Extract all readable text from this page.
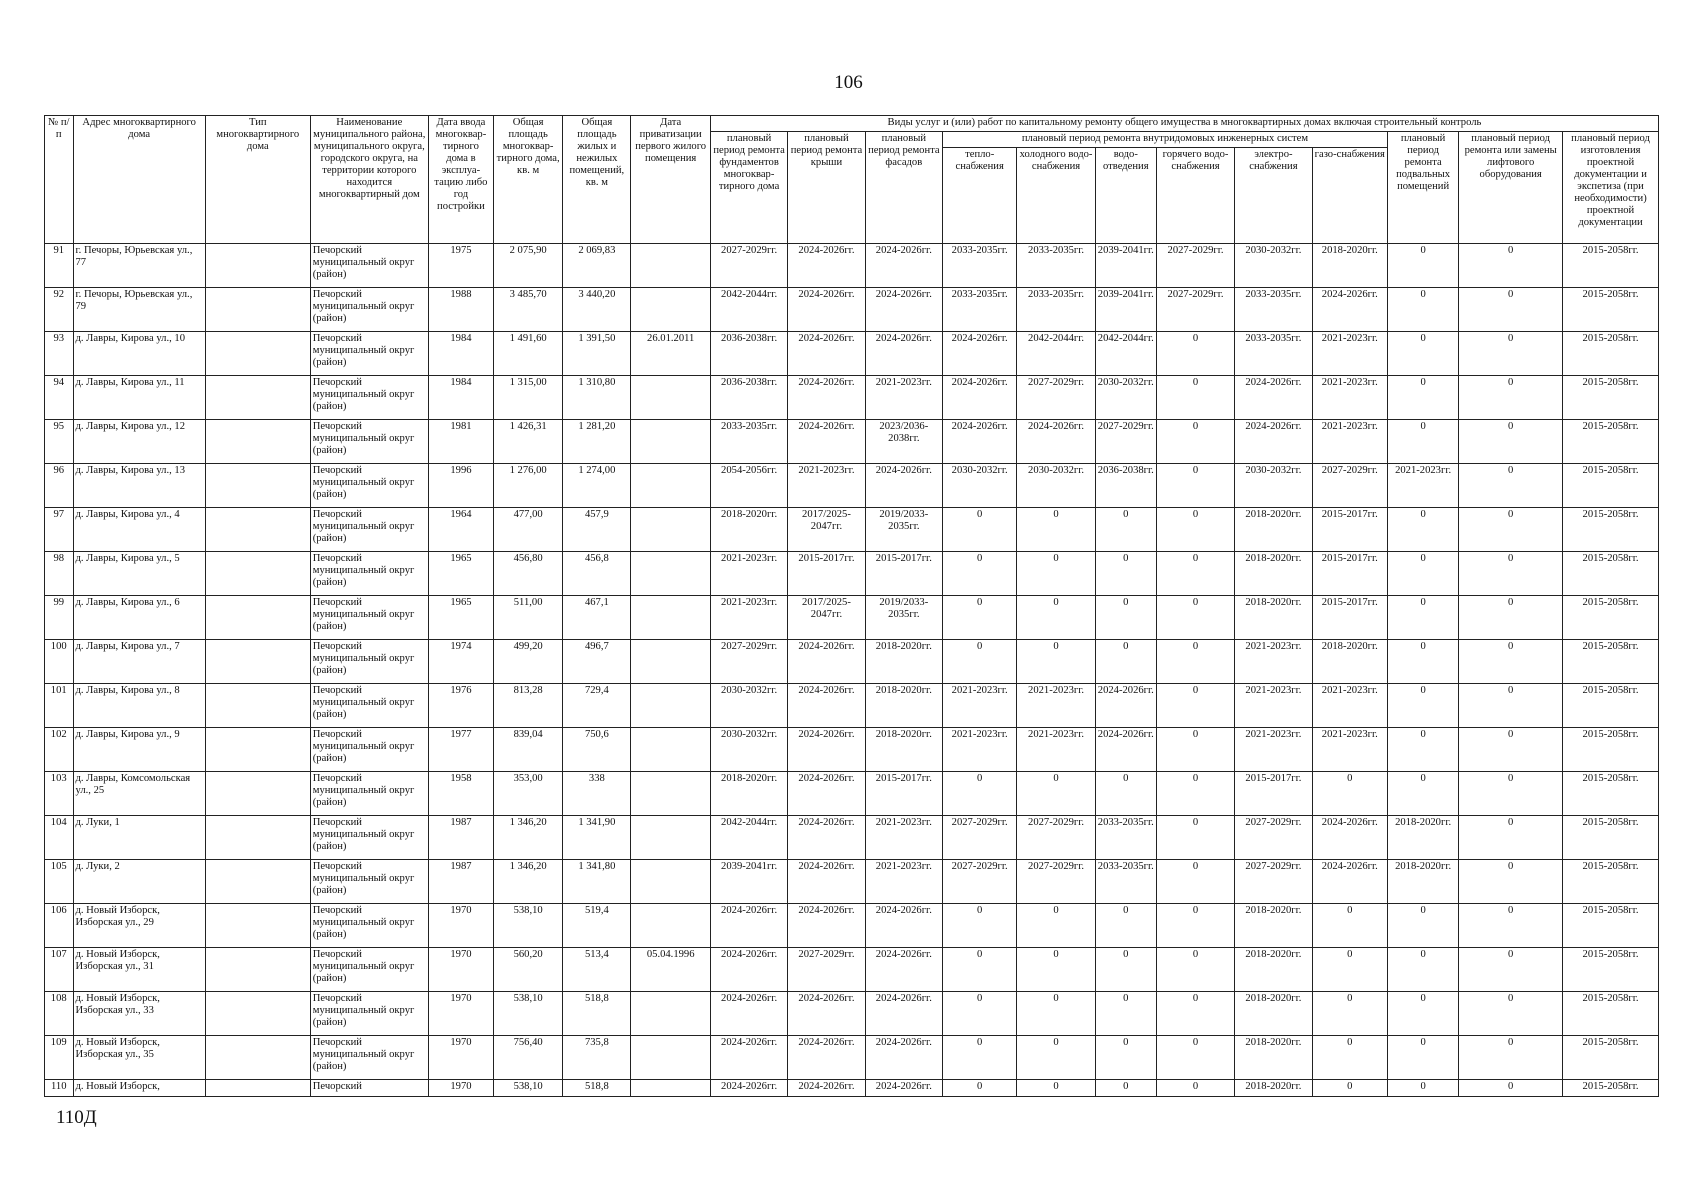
106
№ п/п	Адрес многоквартирного дома	Тип многоквартирного дома	Наименование муниципального района, муниципального округа, городского округа, на территории которого находится многоквартирный дом	Дата ввода многоквар-тирного дома в эксплуа-тацию либо год постройки	Общая площадь многоквар-тирного дома, кв. м	Общая площадь жилых и нежилых помещений, кв. м	Дата приватизации первого жилого помещения	Виды услуг и (или) работ по капитальному ремонту общего имущества в многоквартирных домах включая строительный контроль											
								плановый период ремонта фундаментов многоквар-тирного дома	плановый период ремонта крыши	плановый период ремонта фасадов	плановый период ремонта внутридомовых инженерных систем						плановый период ремонта подвальных помещений	плановый период ремонта или замены лифтового оборудования	плановый период изготовления проектной документации и экспетиза (при необходимости) проектной документации
											тепло-снабжения	холодного водо-снабжения	водо-отведения	горячего водо-снабжения	электро-снабжения	газо-снабжения			
91	г. Печоры, Юрьевская ул., 77		Печорский муниципальный округ (район)	1975	2 075,90	2 069,83		2027-2029гг.	2024-2026гг.	2024-2026гг.	2033-2035гг.	2033-2035гг.	2039-2041гг.	2027-2029гг.	2030-2032гг.	2018-2020гг.	0	0	2015-2058гг.
92	г. Печоры, Юрьевская ул., 79		Печорский муниципальный округ (район)	1988	3 485,70	3 440,20		2042-2044гг.	2024-2026гг.	2024-2026гг.	2033-2035гг.	2033-2035гг.	2039-2041гг.	2027-2029гг.	2033-2035гг.	2024-2026гг.	0	0	2015-2058гг.
93	д. Лавры, Кирова ул., 10		Печорский муниципальный округ (район)	1984	1 491,60	1 391,50	26.01.2011	2036-2038гг.	2024-2026гг.	2024-2026гг.	2024-2026гг.	2042-2044гг.	2042-2044гг.	0	2033-2035гг.	2021-2023гг.	0	0	2015-2058гг.
94	д. Лавры, Кирова ул., 11		Печорский муниципальный округ (район)	1984	1 315,00	1 310,80		2036-2038гг.	2024-2026гг.	2021-2023гг.	2024-2026гг.	2027-2029гг.	2030-2032гг.	0	2024-2026гг.	2021-2023гг.	0	0	2015-2058гг.
95	д. Лавры, Кирова ул., 12		Печорский муниципальный округ (район)	1981	1 426,31	1 281,20		2033-2035гг.	2024-2026гг.	2023/2036-2038гг.	2024-2026гг.	2024-2026гг.	2027-2029гг.	0	2024-2026гг.	2021-2023гг.	0	0	2015-2058гг.
96	д. Лавры, Кирова ул., 13		Печорский муниципальный округ (район)	1996	1 276,00	1 274,00		2054-2056гг.	2021-2023гг.	2024-2026гг.	2030-2032гг.	2030-2032гг.	2036-2038гг.	0	2030-2032гг.	2027-2029гг.	2021-2023гг.	0	2015-2058гг.
97	д. Лавры, Кирова ул., 4		Печорский муниципальный округ (район)	1964	477,00	457,9		2018-2020гг.	2017/2025-2047гг.	2019/2033-2035гг.	0	0	0	0	2018-2020гг.	2015-2017гг.	0	0	2015-2058гг.
98	д. Лавры, Кирова ул., 5		Печорский муниципальный округ (район)	1965	456,80	456,8		2021-2023гг.	2015-2017гг.	2015-2017гг.	0	0	0	0	2018-2020гг.	2015-2017гг.	0	0	2015-2058гг.
99	д. Лавры, Кирова ул., 6		Печорский муниципальный округ (район)	1965	511,00	467,1		2021-2023гг.	2017/2025-2047гг.	2019/2033-2035гг.	0	0	0	0	2018-2020гг.	2015-2017гг.	0	0	2015-2058гг.
100	д. Лавры, Кирова ул., 7		Печорский муниципальный округ (район)	1974	499,20	496,7		2027-2029гг.	2024-2026гг.	2018-2020гг.	0	0	0	0	2021-2023гг.	2018-2020гг.	0	0	2015-2058гг.
101	д. Лавры, Кирова ул., 8		Печорский муниципальный округ (район)	1976	813,28	729,4		2030-2032гг.	2024-2026гг.	2018-2020гг.	2021-2023гг.	2021-2023гг.	2024-2026гг.	0	2021-2023гг.	2021-2023гг.	0	0	2015-2058гг.
102	д. Лавры, Кирова ул., 9		Печорский муниципальный округ (район)	1977	839,04	750,6		2030-2032гг.	2024-2026гг.	2018-2020гг.	2021-2023гг.	2021-2023гг.	2024-2026гг.	0	2021-2023гг.	2021-2023гг.	0	0	2015-2058гг.
103	д. Лавры, Комсомольская ул., 25		Печорский муниципальный округ (район)	1958	353,00	338		2018-2020гг.	2024-2026гг.	2015-2017гг.	0	0	0	0	2015-2017гг.	0	0	0	2015-2058гг.
104	д. Луки, 1		Печорский муниципальный округ (район)	1987	1 346,20	1 341,90		2042-2044гг.	2024-2026гг.	2021-2023гг.	2027-2029гг.	2027-2029гг.	2033-2035гг.	0	2027-2029гг.	2024-2026гг.	2018-2020гг.	0	2015-2058гг.
105	д. Луки, 2		Печорский муниципальный округ (район)	1987	1 346,20	1 341,80		2039-2041гг.	2024-2026гг.	2021-2023гг.	2027-2029гг.	2027-2029гг.	2033-2035гг.	0	2027-2029гг.	2024-2026гг.	2018-2020гг.	0	2015-2058гг.
106	д. Новый Изборск, Изборская ул., 29		Печорский муниципальный округ (район)	1970	538,10	519,4		2024-2026гг.	2024-2026гг.	2024-2026гг.	0	0	0	0	2018-2020гг.	0	0	0	2015-2058гг.
107	д. Новый Изборск, Изборская ул., 31		Печорский муниципальный округ (район)	1970	560,20	513,4	05.04.1996	2024-2026гг.	2027-2029гг.	2024-2026гг.	0	0	0	0	2018-2020гг.	0	0	0	2015-2058гг.
108	д. Новый Изборск, Изборская ул., 33		Печорский муниципальный округ (район)	1970	538,10	518,8		2024-2026гг.	2024-2026гг.	2024-2026гг.	0	0	0	0	2018-2020гг.	0	0	0	2015-2058гг.
109	д. Новый Изборск, Изборская ул., 35		Печорский муниципальный округ (район)	1970	756,40	735,8		2024-2026гг.	2024-2026гг.	2024-2026гг.	0	0	0	0	2018-2020гг.	0	0	0	2015-2058гг.
110	д. Новый Изборск,		Печорский	1970	538,10	518,8		2024-2026гг.	2024-2026гг.	2024-2026гг.	0	0	0	0	2018-2020гг.	0	0	0	2015-2058гг.
110Д
